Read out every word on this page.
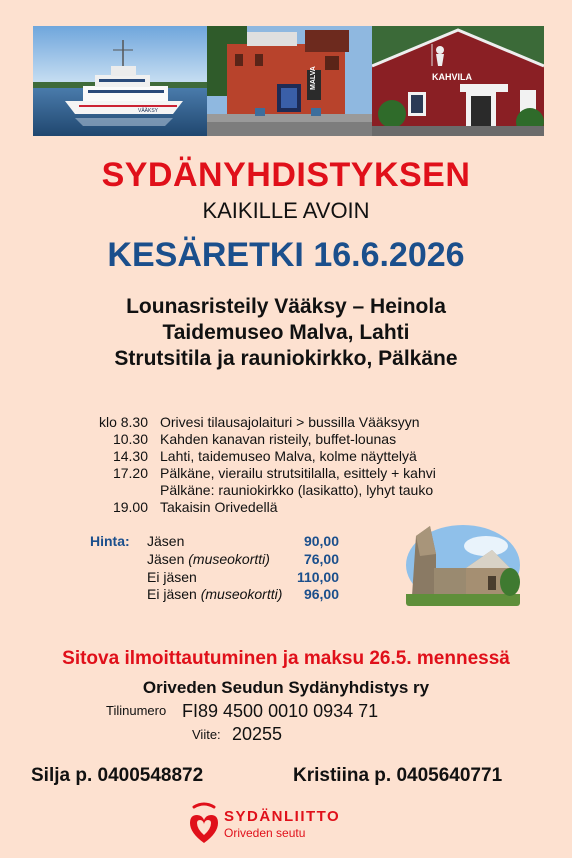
VÄÄKSY
MALVA	KAHVILA
SYDÄNYHDISTYKSEN
KAIKILLE AVOIN
KESÄRETKI 16.6.2026
Lounasristeily Vääksy – Heinola
Taidemuseo Malva, Lahti
Strutsitila ja rauniokirkko, Pälkäne
klo 8.30 Orivesi tilausajolaituri > bussilla Vääksyyn
10.30 Kahden kanavan risteily, buffet-lounas
14.30 Lahti, taidemuseo Malva, kolme näyttelyä
17.20 Pälkäne, vierailu strutsitilalla, esittely + kahvi
Pälkäne: rauniokirkko (lasikatto), lyhyt tauko
19.00 Takaisin Orivedellä
Hinta: Jäsen	90,00
Jäsen (museokortti) 76,00
Ei jäsen	110,00
Ei jäsen (museokortti) 96,00
Sitova ilmoittautuminen ja maksu 26.5. mennessä
Oriveden Seudun Sydänyhdistys ry
Tilinumero FI89 4500 0010 0934 71
Viite: 20255
Silja p. 0400548872	Kristiina p. 0405640771
SYDÄNLIITTO
Oriveden seutu
